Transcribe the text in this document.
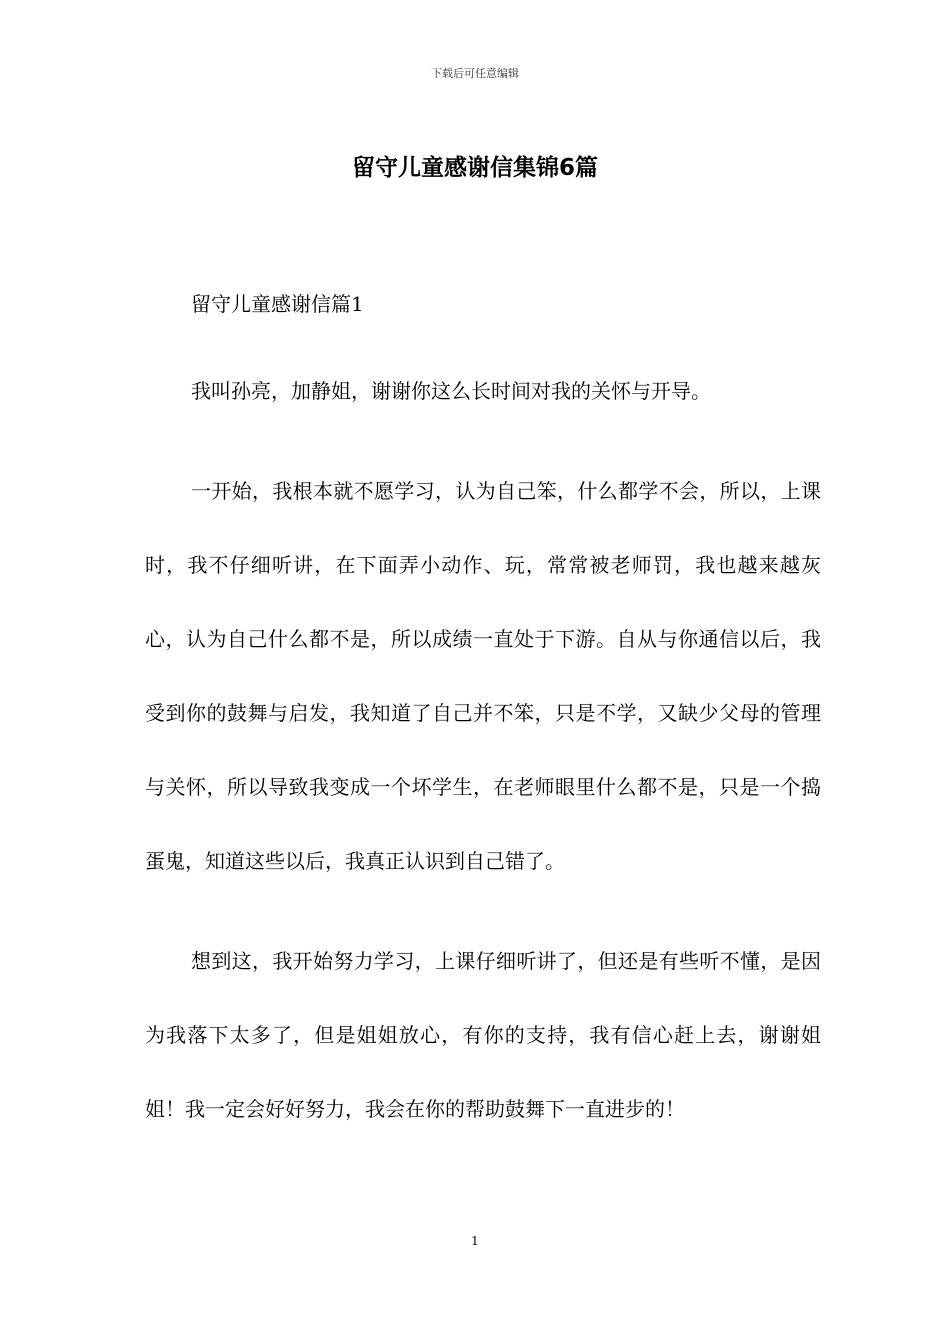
下载后可任意编辑
留守儿童感谢信集锦6篇

留守儿童感谢信篇1

我叫孙亮，加静姐，谢谢你这么长时间对我的关怀与开导。

一开始，我根本就不愿学习，认为自己笨，什么都学不会，所以，上课时，我不仔细听讲，在下面弄小动作、玩，常常被老师罚，我也越来越灰心，认为自己什么都不是，所以成绩一直处于下游。自从与你通信以后，我受到你的鼓舞与启发，我知道了自己并不笨，只是不学，又缺少父母的管理与关怀，所以导致我变成一个坏学生，在老师眼里什么都不是，只是一个捣蛋鬼，知道这些以后，我真正认识到自己错了。

想到这，我开始努力学习，上课仔细听讲了，但还是有些听不懂，是因为我落下太多了，但是姐姐放心，有你的支持，我有信心赶上去，谢谢姐姐！我一定会好好努力，我会在你的帮助鼓舞下一直进步的！

1
